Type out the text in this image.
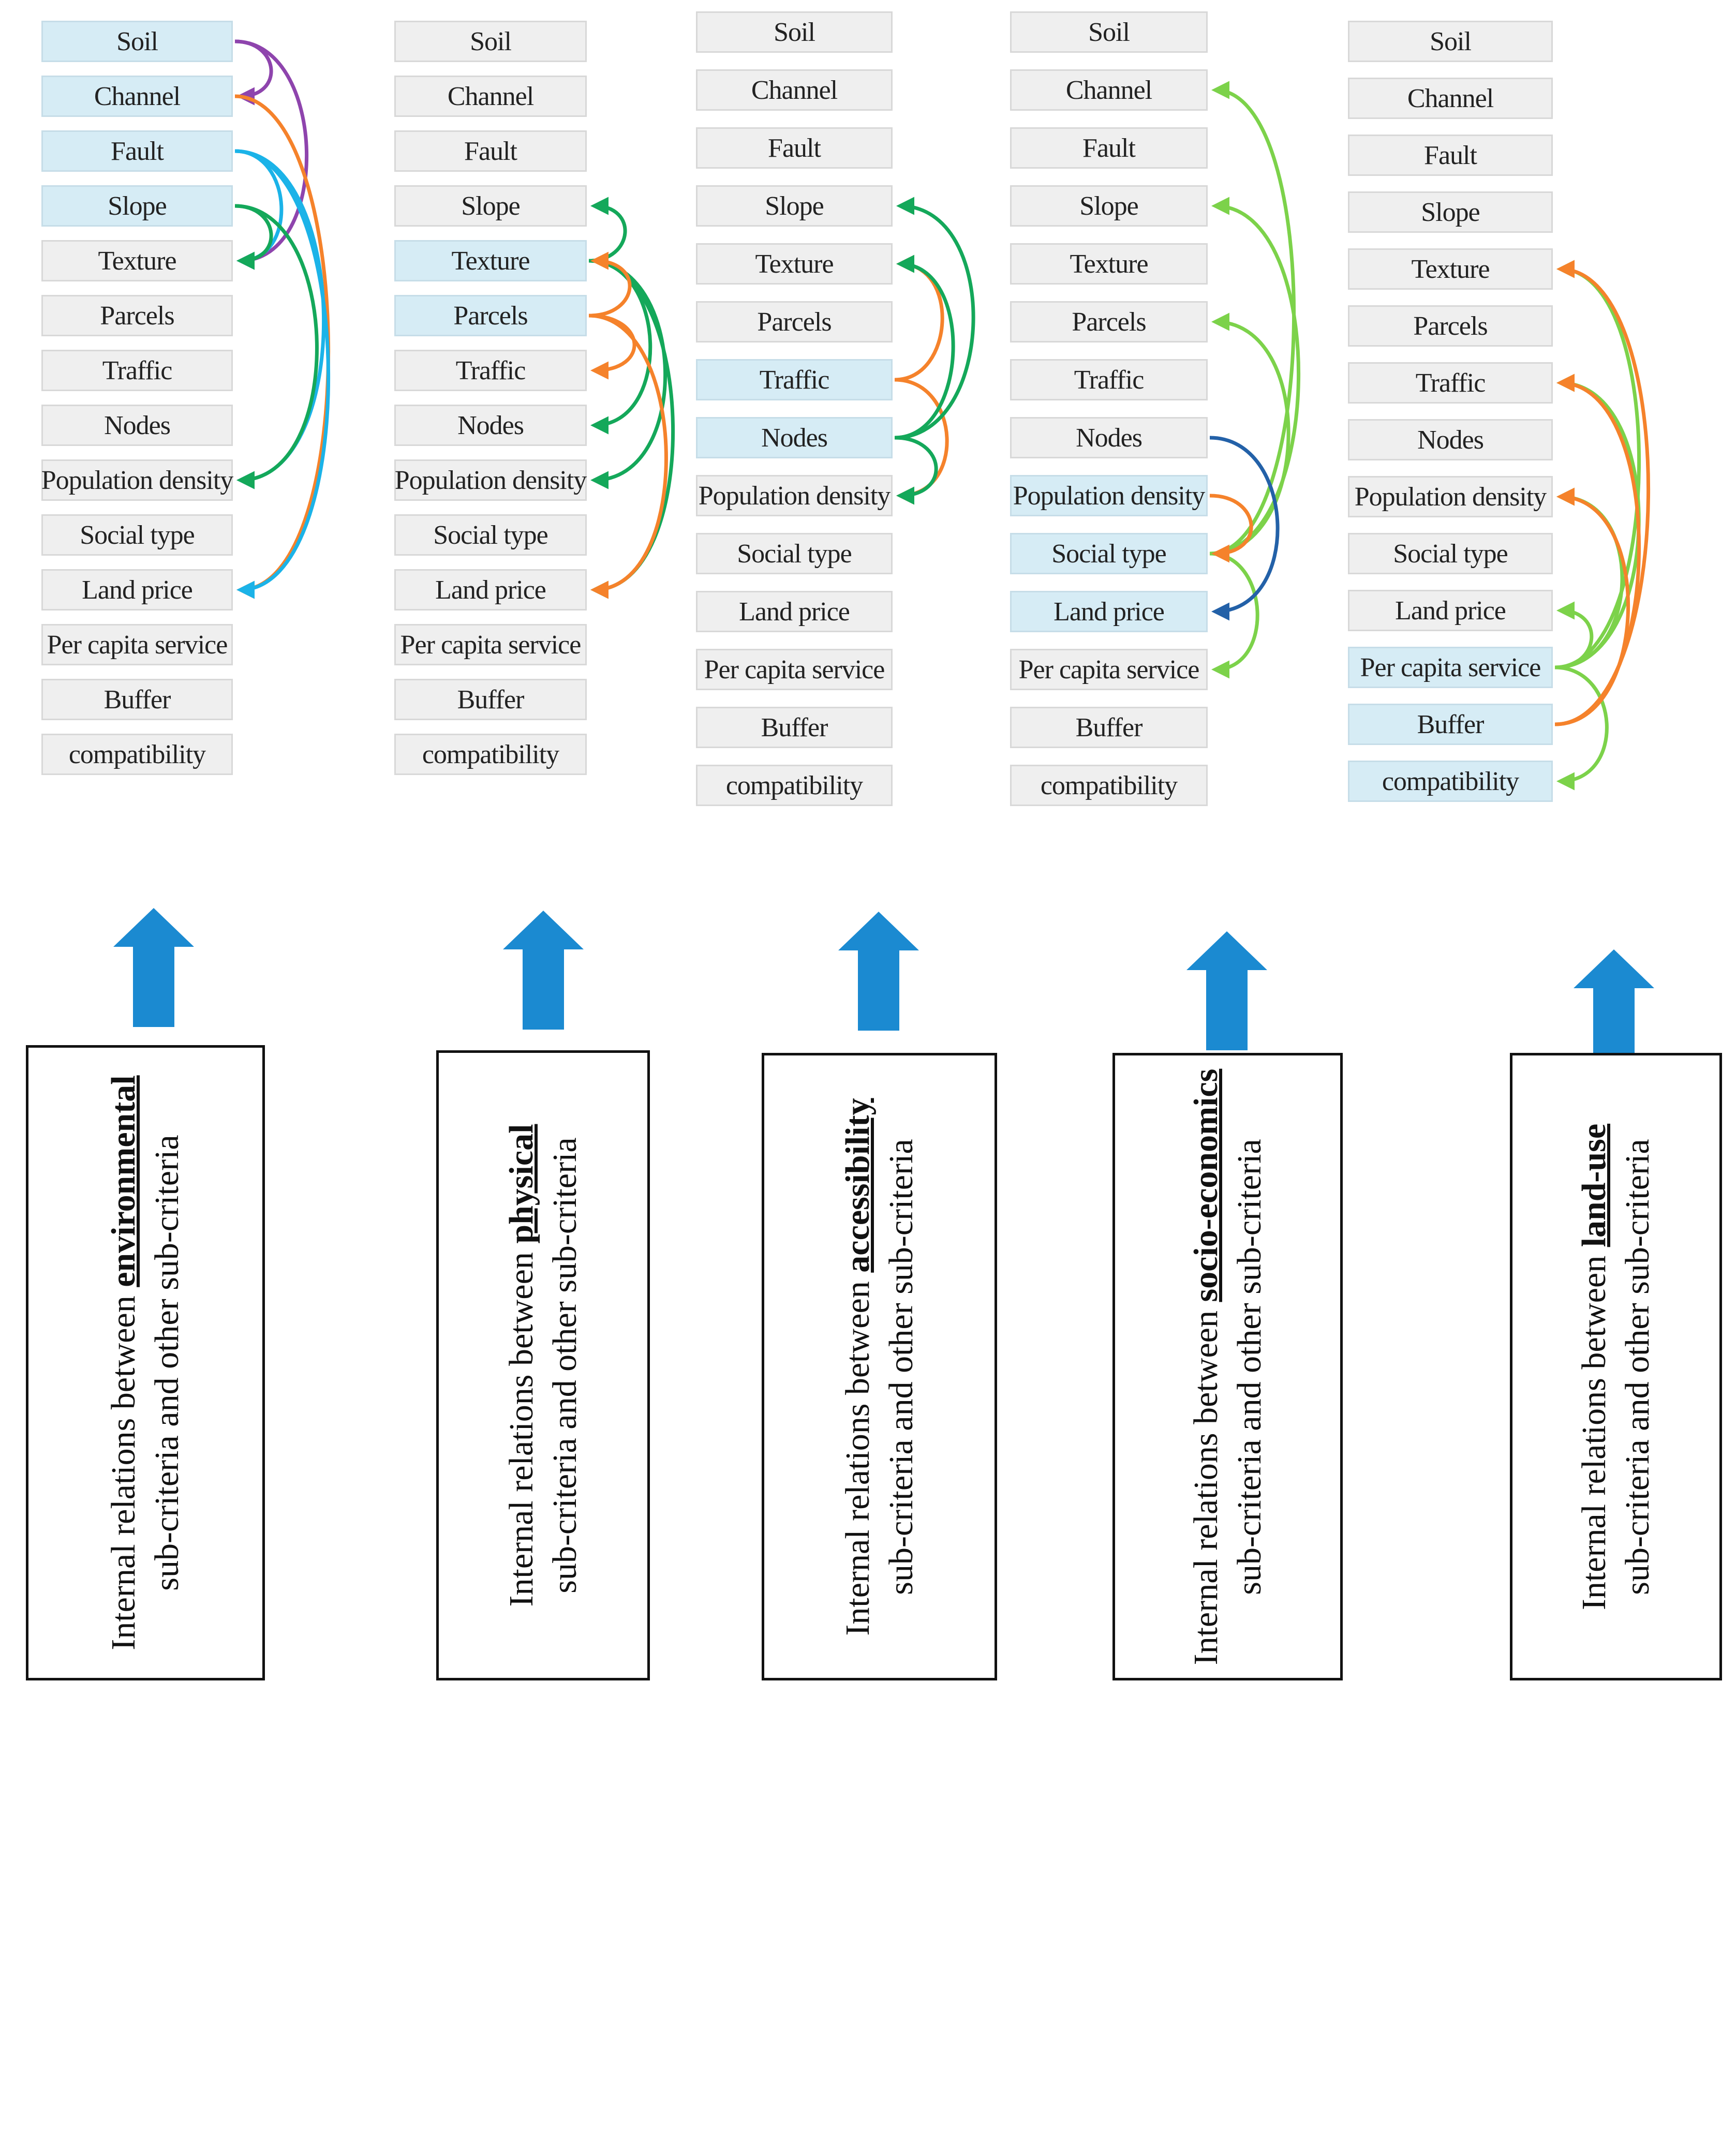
Soil
Channel
Fault
Slope
Texture
Parcels
Traffic
Nodes
Population density
Social type
Land price
Per capita service
Buffer
compatibility
Internal relations between environmental sub-criteria and other sub-criteria
Soil
Channel
Fault
Slope
Texture
Parcels
Traffic
Nodes
Population density
Social type
Land price
Per capita service
Buffer
compatibility
Internal relations between physical sub-criteria and other sub-criteria
Soil
Channel
Fault
Slope
Texture
Parcels
Traffic
Nodes
Population density
Social type
Land price
Per capita service
Buffer
compatibility
Internal relations between accessibility sub-criteria and other sub-criteria
Soil
Channel
Fault
Slope
Texture
Parcels
Traffic
Nodes
Population density
Social type
Land price
Per capita service
Buffer
compatibility
Internal relations between socio-economics sub-criteria and other sub-criteria
Soil
Channel
Fault
Slope
Texture
Parcels
Traffic
Nodes
Population density
Social type
Land price
Per capita service
Buffer
compatibility
Internal relations between land-use sub-criteria and other sub-criteria
